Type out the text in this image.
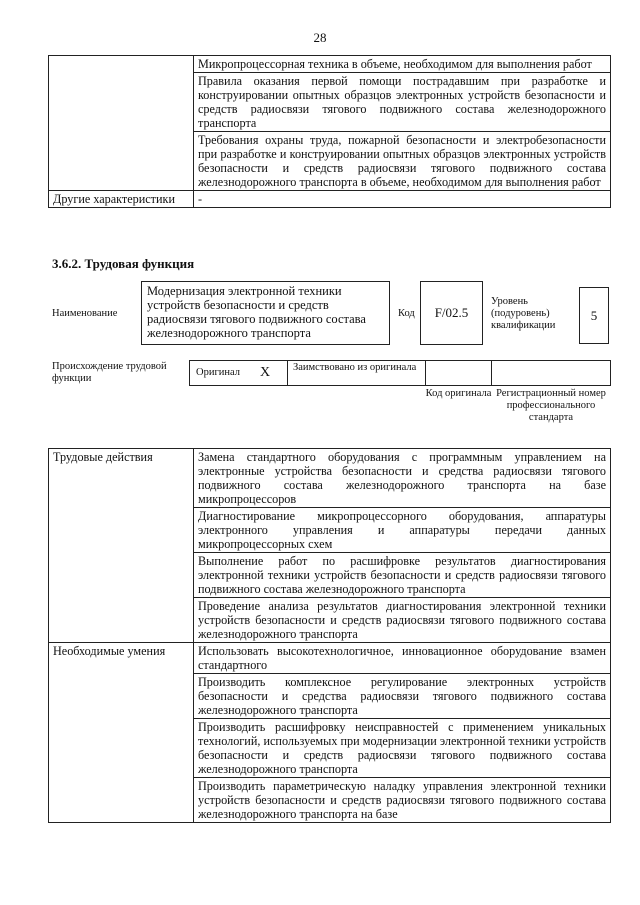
28
	Микропроцессорная техника в объеме, необходимом для выполнения работ
	Правила оказания первой помощи пострадавшим при разработке и конструировании опытных образцов электронных устройств безопасности и средств радиосвязи тягового подвижного состава железнодорожного транспорта
	Требования охраны труда, пожарной безопасности и электробезопасности при разработке и конструировании опытных образцов электронных устройств безопасности и средств радиосвязи тягового подвижного состава железнодорожного транспорта в объеме, необходимом для выполнения работ
Другие характеристики	-
3.6.2. Трудовая функция
Наименование
Модернизация электронной техники устройств безопасности и средств радиосвязи тягового подвижного состава железнодорожного транспорта
Код	F/02.5
Уровень (подуровень) квалификации
5
Происхождение трудовой функции
Оригинал X Заимствовано из оригинала
Код оригинала Регистрационный номер профессионального стандарта
Трудовые действия	Замена стандартного оборудования с программным управлением на электронные устройства безопасности и средства радиосвязи тягового подвижного состава железнодорожного транспорта на базе микропроцессоров
	Диагностирование микропроцессорного оборудования, аппаратуры электронного управления и аппаратуры передачи данных микропроцессорных схем
	Выполнение работ по расшифровке результатов диагностирования электронной техники устройств безопасности и средств радиосвязи тягового подвижного состава железнодорожного транспорта
	Проведение анализа результатов диагностирования электронной техники устройств безопасности и средств радиосвязи тягового подвижного состава железнодорожного транспорта
Необходимые умения	Использовать высокотехнологичное, инновационное оборудование взамен стандартного
	Производить комплексное регулирование электронных устройств безопасности и средства радиосвязи тягового подвижного состава железнодорожного транспорта
	Производить расшифровку неисправностей с применением уникальных технологий, используемых при модернизации электронной техники устройств безопасности и средств радиосвязи тягового подвижного состава железнодорожного транспорта
	Производить параметрическую наладку управления электронной техники устройств безопасности и средств радиосвязи тягового подвижного состава железнодорожного транспорта на базе
